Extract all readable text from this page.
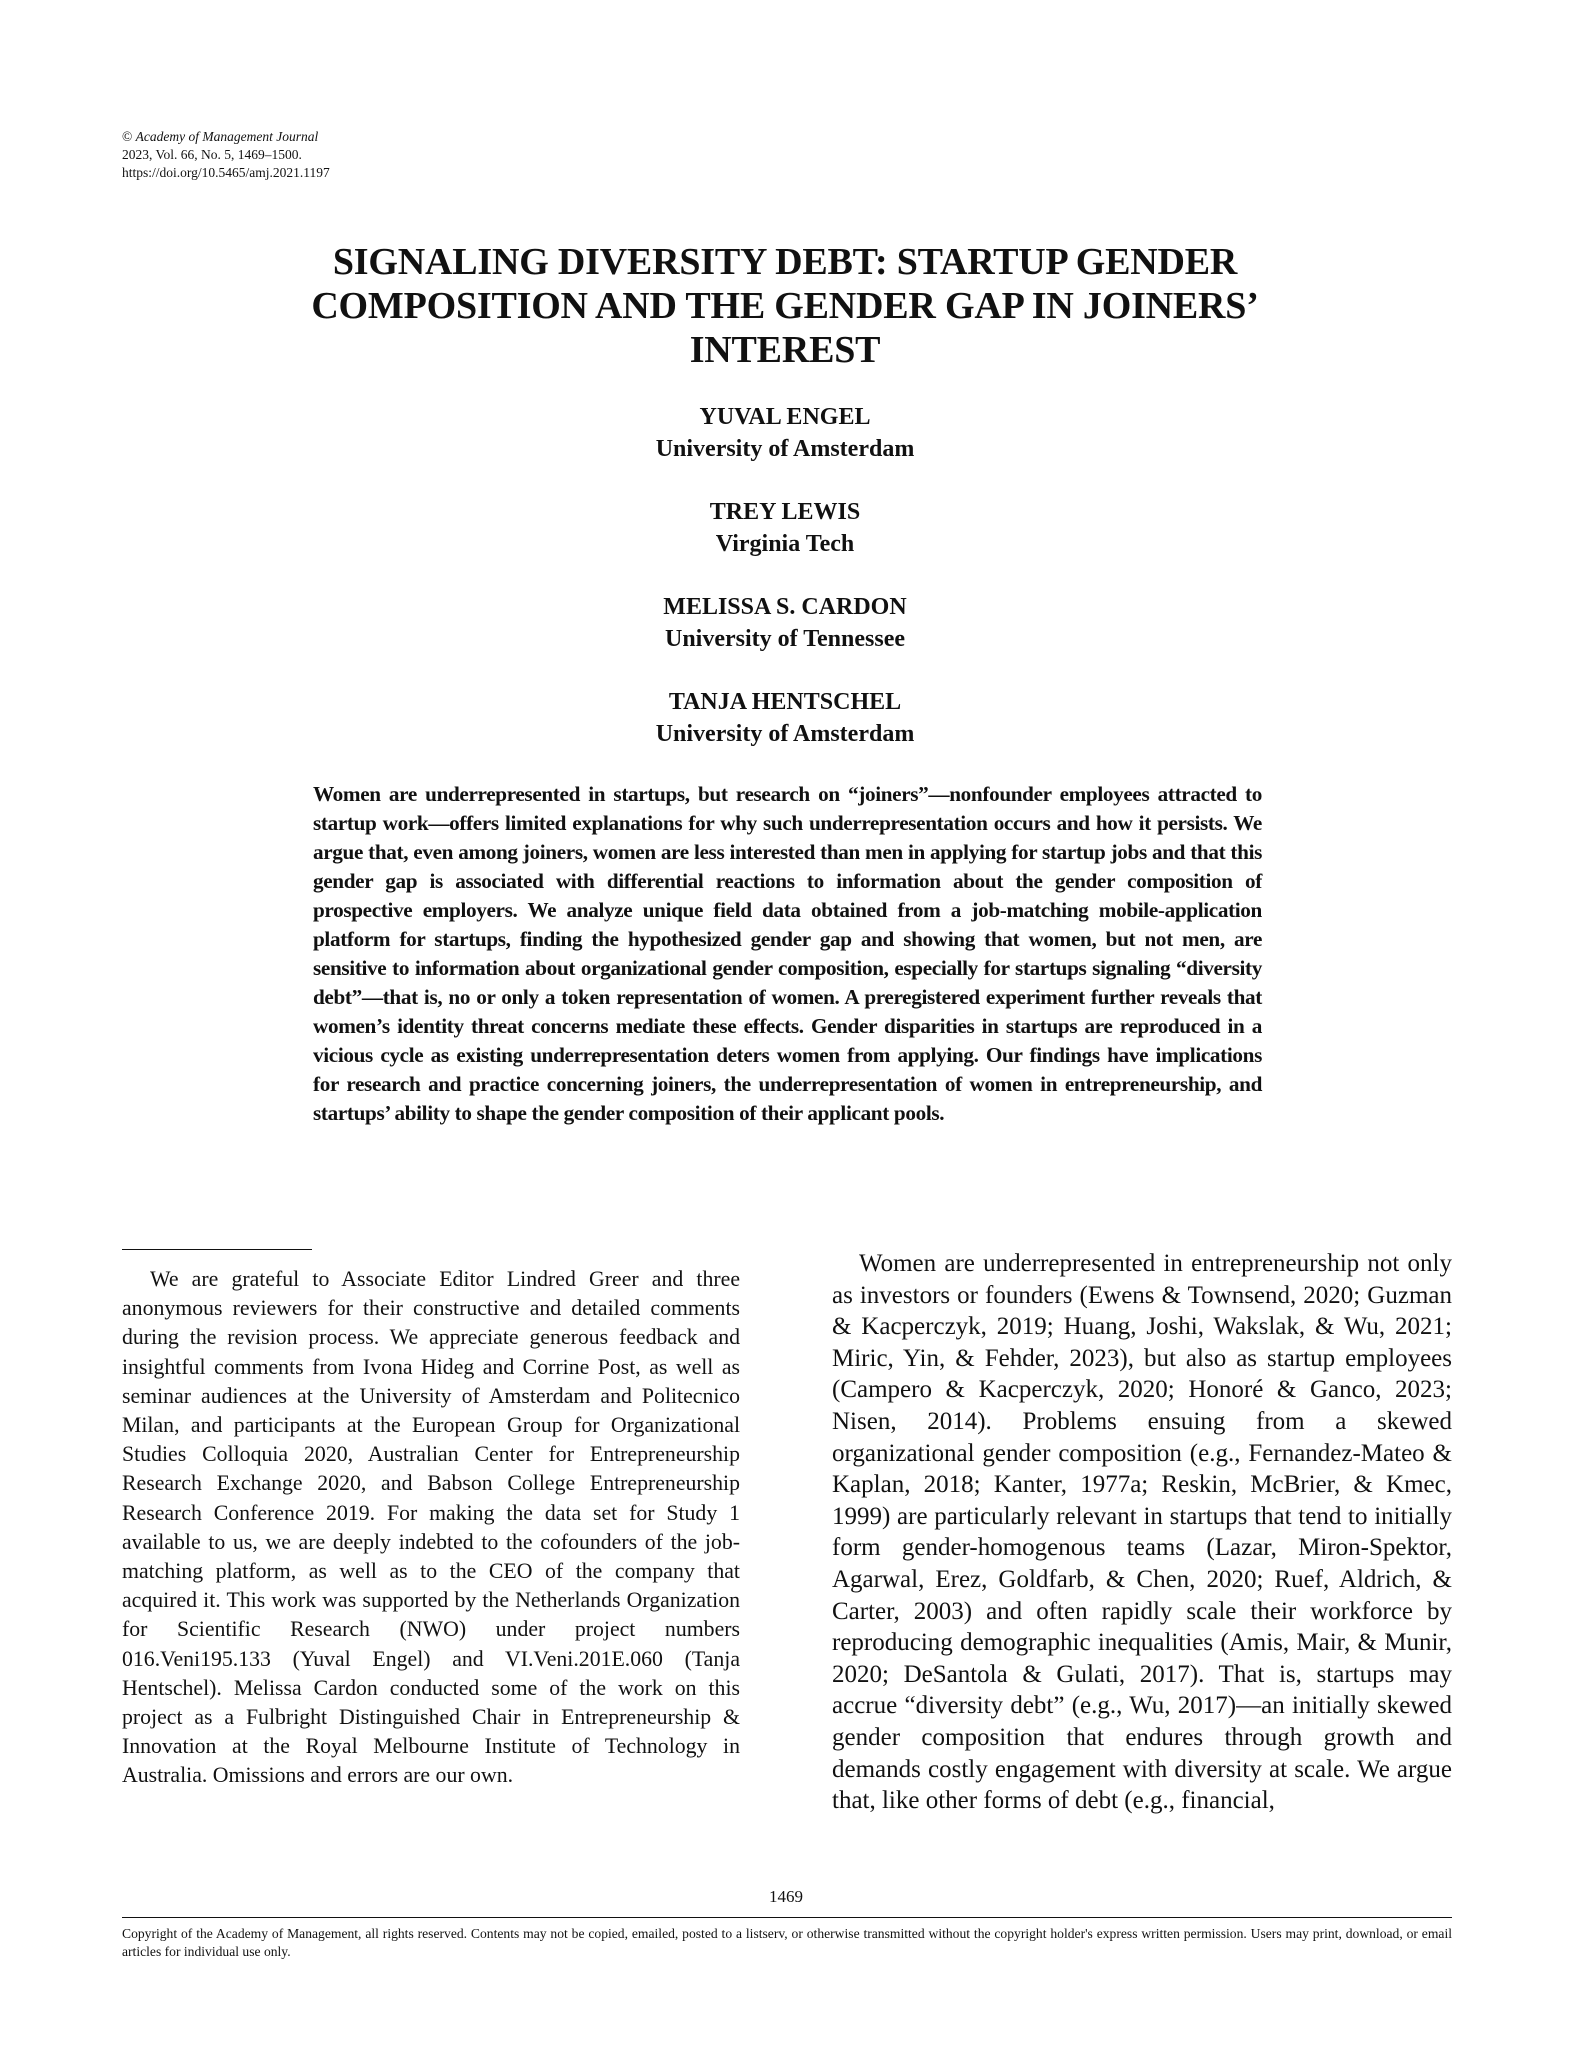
© Academy of Management Journal
2023, Vol. 66, No. 5, 1469–1500.
https://doi.org/10.5465/amj.2021.1197
SIGNALING DIVERSITY DEBT: STARTUP GENDER COMPOSITION AND THE GENDER GAP IN JOINERS’ INTEREST
YUVAL ENGEL
University of Amsterdam
TREY LEWIS
Virginia Tech
MELISSA S. CARDON
University of Tennessee
TANJA HENTSCHEL
University of Amsterdam
Women are underrepresented in startups, but research on “joiners”—nonfounder employees attracted to startup work—offers limited explanations for why such underrepresentation occurs and how it persists. We argue that, even among joiners, women are less interested than men in applying for startup jobs and that this gender gap is associated with differential reactions to information about the gender composition of prospective employers. We analyze unique field data obtained from a job-matching mobile-application platform for startups, finding the hypothesized gender gap and showing that women, but not men, are sensitive to information about organizational gender composition, especially for startups signaling “diversity debt”—that is, no or only a token representation of women. A preregistered experiment further reveals that women’s identity threat concerns mediate these effects. Gender disparities in startups are reproduced in a vicious cycle as existing underrepresentation deters women from applying. Our findings have implications for research and practice concerning joiners, the underrepresentation of women in entrepreneurship, and startups’ ability to shape the gender composition of their applicant pools.

We are grateful to Associate Editor Lindred Greer and three anonymous reviewers for their constructive and detailed comments during the revision process. We appreciate generous feedback and insightful comments from Ivona Hideg and Corrine Post, as well as seminar audiences at the University of Amsterdam and Politecnico Milan, and participants at the European Group for Organizational Studies Colloquia 2020, Australian Center for Entrepreneurship Research Exchange 2020, and Babson College Entrepreneurship Research Conference 2019. For making the data set for Study 1 available to us, we are deeply indebted to the cofounders of the job-matching platform, as well as to the CEO of the company that acquired it. This work was supported by the Netherlands Organization for Scientific Research (NWO) under project numbers 016.Veni195.133 (Yuval Engel) and VI.Veni.201E.060 (Tanja Hentschel). Melissa Cardon conducted some of the work on this project as a Fulbright Distinguished Chair in Entrepreneurship & Innovation at the Royal Melbourne Institute of Technology in Australia. Omissions and errors are our own.

Women are underrepresented in entrepreneurship not only as investors or founders (Ewens & Townsend, 2020; Guzman & Kacperczyk, 2019; Huang, Joshi, Wakslak, & Wu, 2021; Miric, Yin, & Fehder, 2023), but also as startup employees (Campero & Kacperczyk, 2020; Honoré & Ganco, 2023; Nisen, 2014). Problems ensuing from a skewed organizational gender composition (e.g., Fernandez-Mateo & Kaplan, 2018; Kanter, 1977a; Reskin, McBrier, & Kmec, 1999) are particularly relevant in startups that tend to initially form gender-homogenous teams (Lazar, Miron-Spektor, Agarwal, Erez, Goldfarb, & Chen, 2020; Ruef, Aldrich, & Carter, 2003) and often rapidly scale their workforce by reproducing demographic inequalities (Amis, Mair, & Munir, 2020; DeSantola & Gulati, 2017). That is, startups may accrue “diversity debt” (e.g., Wu, 2017)—an initially skewed gender composition that endures through growth and demands costly engagement with diversity at scale. We argue that, like other forms of debt (e.g., financial,

1469
Copyright of the Academy of Management, all rights reserved. Contents may not be copied, emailed, posted to a listserv, or otherwise transmitted without the copyright holder's express written permission. Users may print, download, or email articles for individual use only.
